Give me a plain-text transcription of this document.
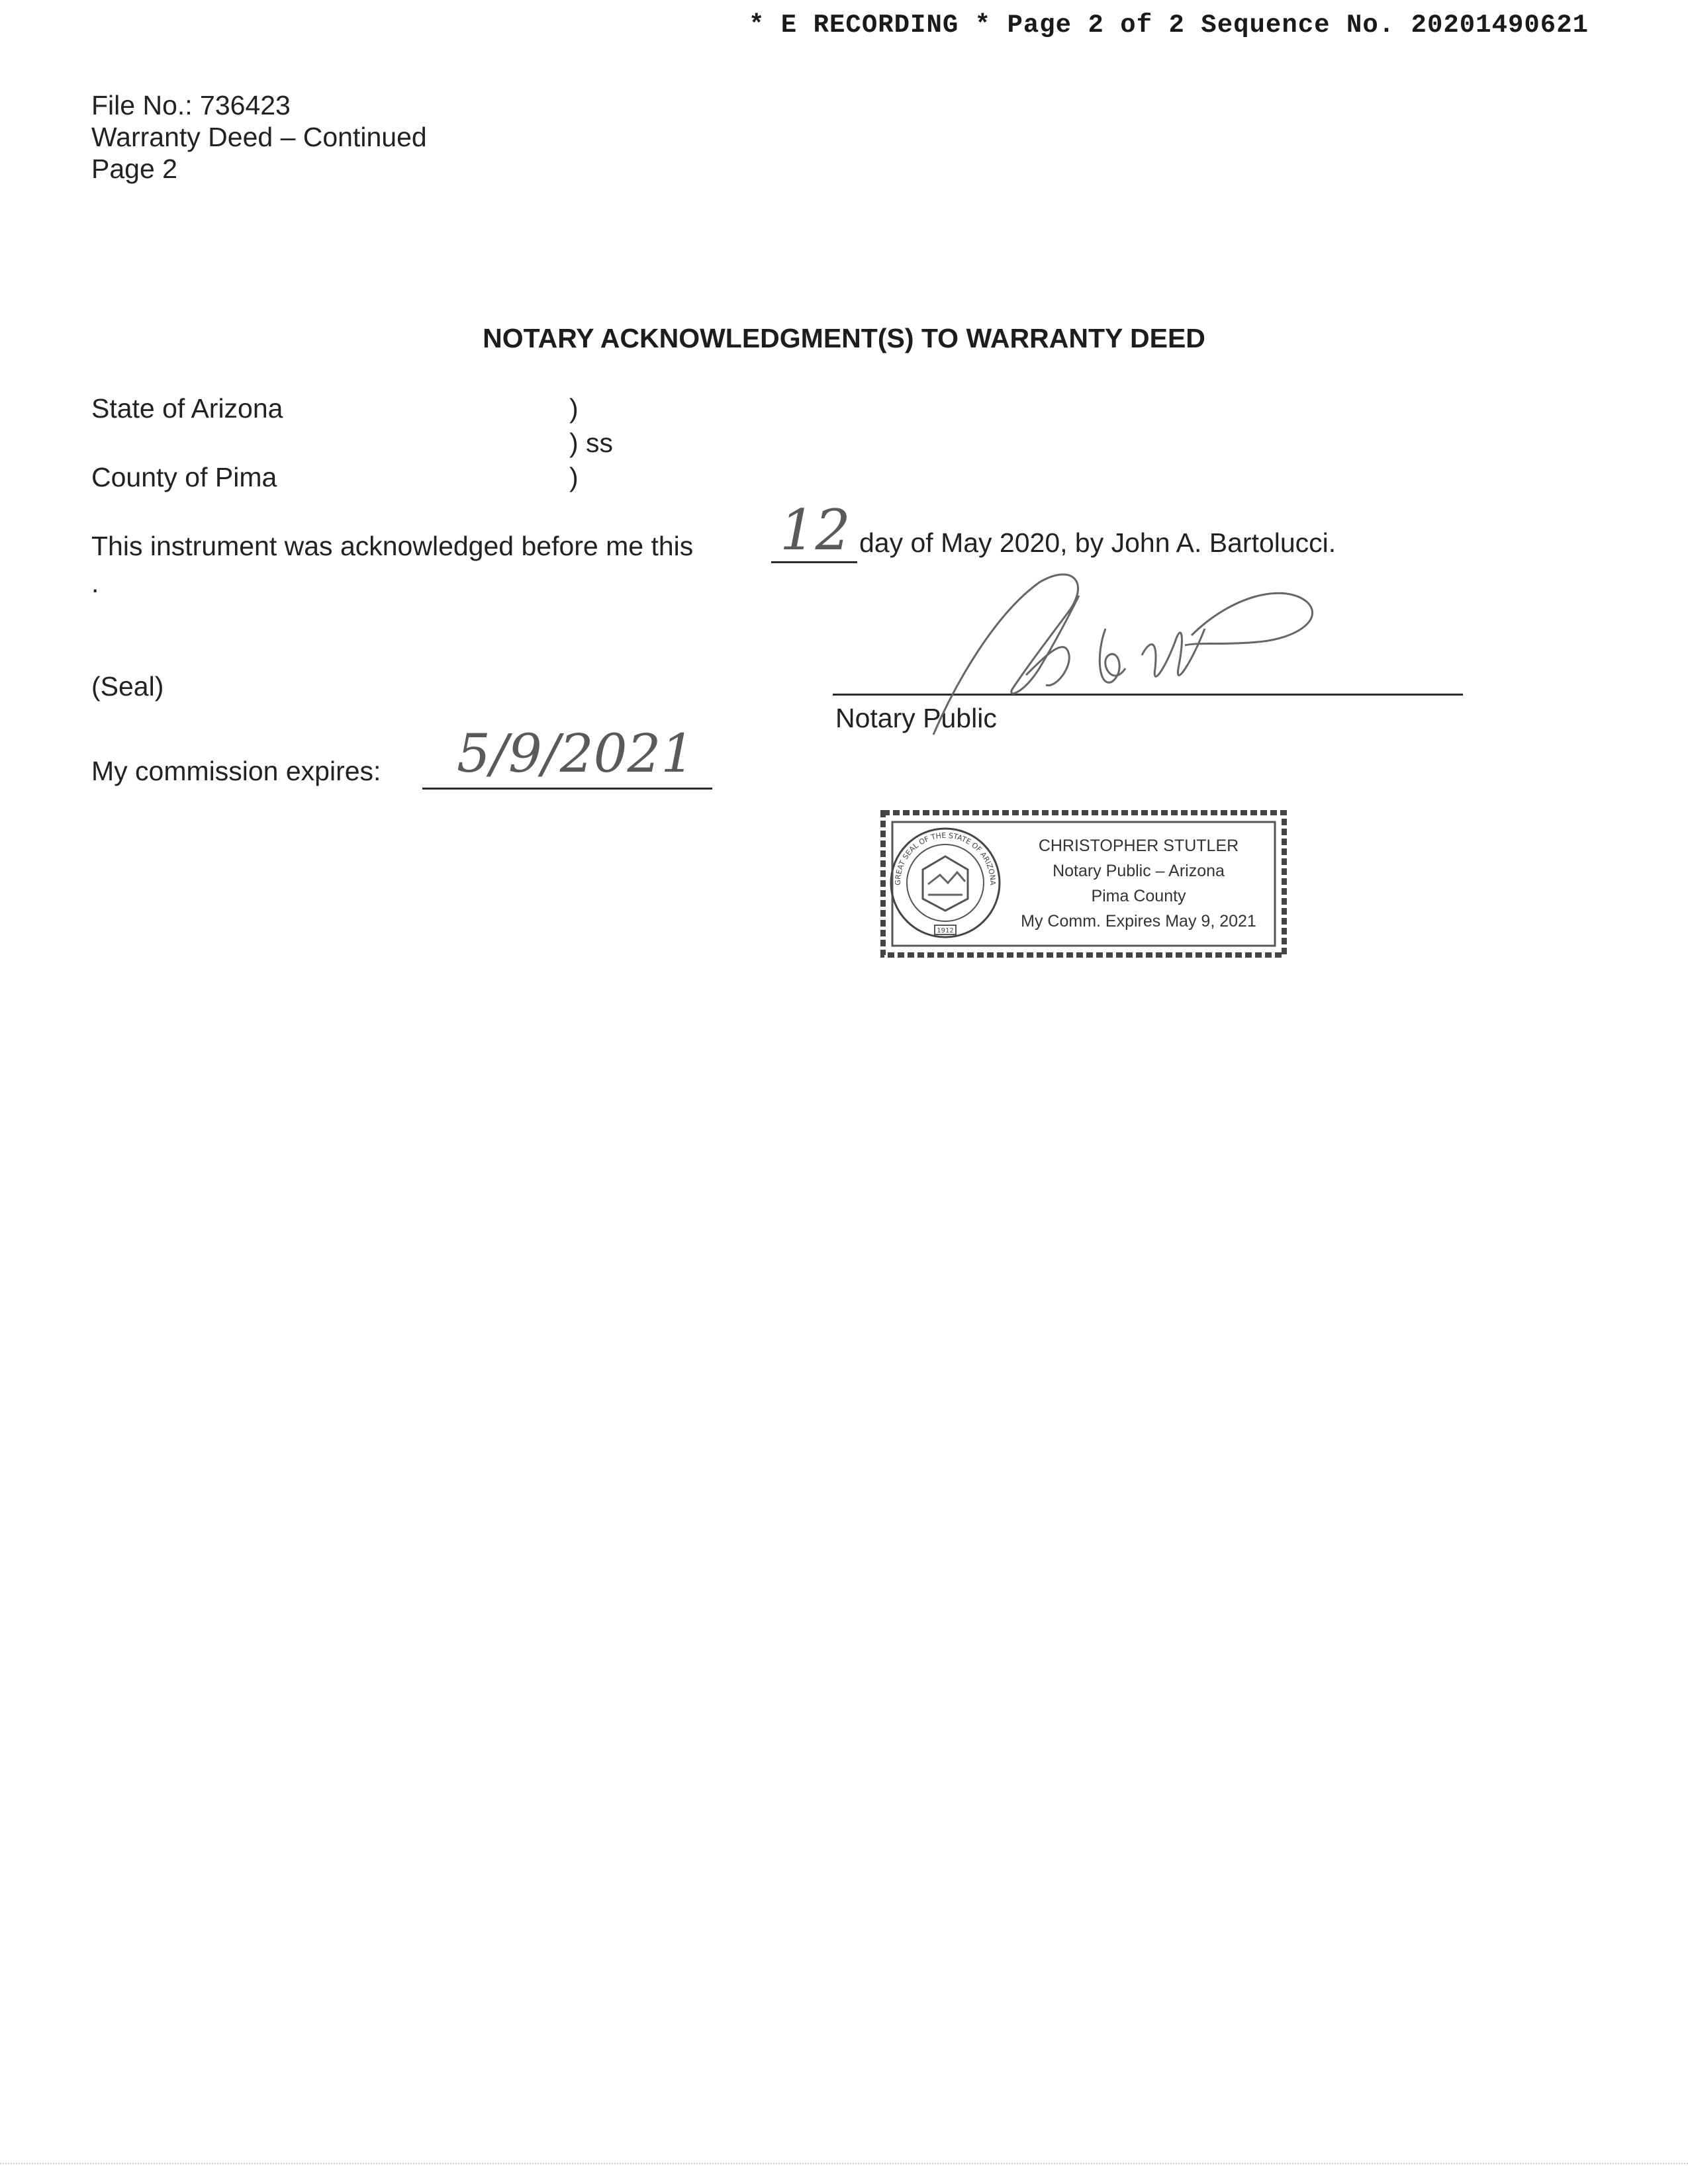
* E RECORDING * Page 2 of 2 Sequence No. 20201490621
File No.: 736423
Warranty Deed – Continued
Page 2
NOTARY ACKNOWLEDGMENT(S) TO WARRANTY DEED
State of Arizona	)
) ss
County of Pima	)
This instrument was acknowledged before me this 12 day of May 2020, by John A. Bartolucci.
.
(Seal)
Notary Public
My commission expires: 5/9/2021
1912
GREAT SEAL OF THE STATE OF ARIZONA
CHRISTOPHER STUTLER
Notary Public – Arizona
Pima County
My Comm. Expires May 9, 2021
